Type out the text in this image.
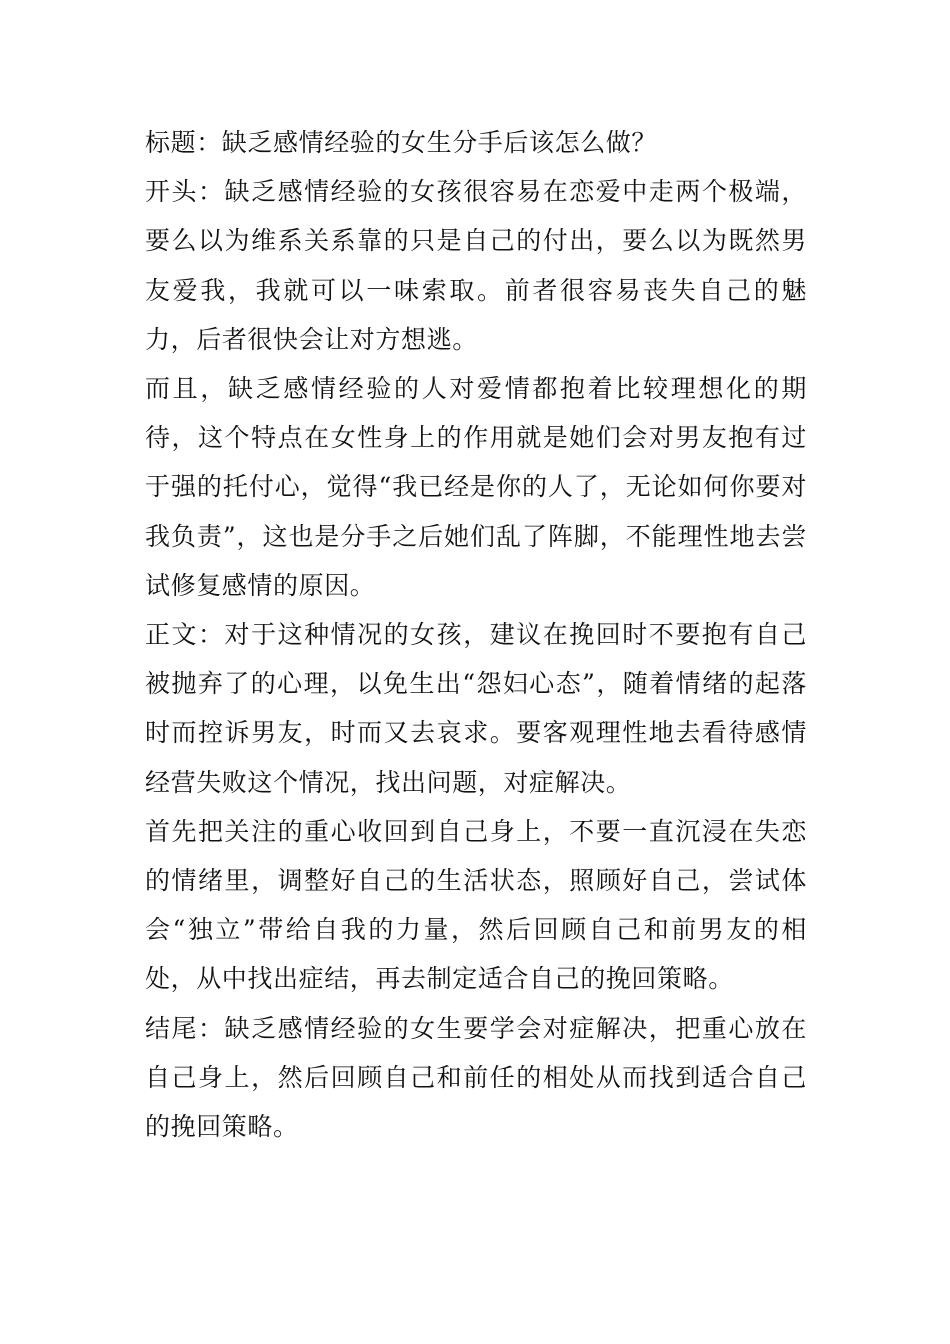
标题：缺乏感情经验的女生分手后该怎么做？

开头：缺乏感情经验的女孩很容易在恋爱中走两个极端，要么以为维系关系靠的只是自己的付出，要么以为既然男友爱我，我就可以一味索取。前者很容易丧失自己的魅力，后者很快会让对方想逃。

而且，缺乏感情经验的人对爱情都抱着比较理想化的期待，这个特点在女性身上的作用就是她们会对男友抱有过于强的托付心，觉得“我已经是你的人了，无论如何你要对我负责”，这也是分手之后她们乱了阵脚，不能理性地去尝试修复感情的原因。

正文：对于这种情况的女孩，建议在挽回时不要抱有自己被抛弃了的心理，以免生出“怨妇心态”，随着情绪的起落时而控诉男友，时而又去哀求。要客观理性地去看待感情经营失败这个情况，找出问题，对症解决。

首先把关注的重心收回到自己身上，不要一直沉浸在失恋的情绪里，调整好自己的生活状态，照顾好自己，尝试体会“独立”带给自我的力量，然后回顾自己和前男友的相处，从中找出症结，再去制定适合自己的挽回策略。

结尾：缺乏感情经验的女生要学会对症解决，把重心放在自己身上，然后回顾自己和前任的相处从而找到适合自己的挽回策略。
